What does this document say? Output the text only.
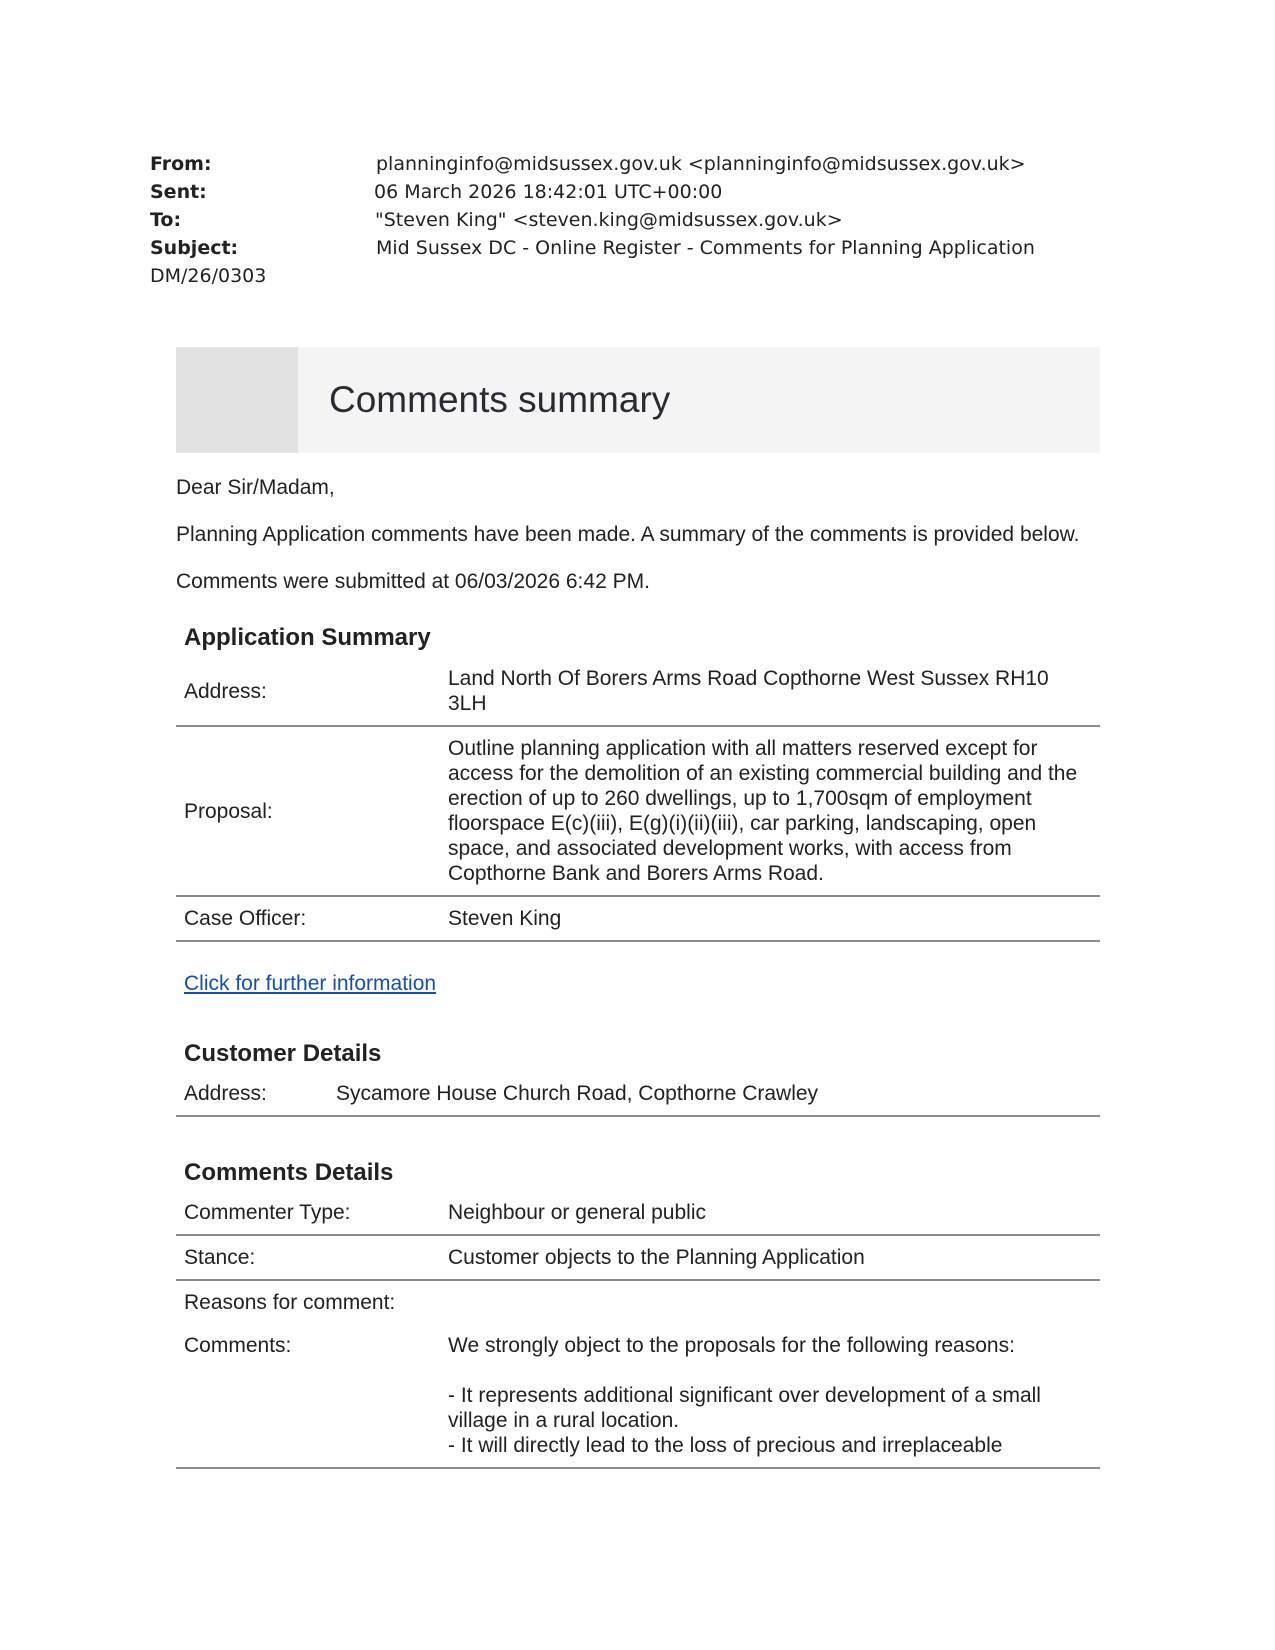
From:	planninginfo@midsussex.gov.uk <planninginfo@midsussex.gov.uk>
Sent:	06 March 2026 18:42:01 UTC+00:00
To:	"Steven King" <steven.king@midsussex.gov.uk>
Subject:	Mid Sussex DC - Online Register - Comments for Planning Application
DM/26/0303
Comments summary

Dear Sir/Madam,

Planning Application comments have been made. A summary of the comments is provided below.

Comments were submitted at 06/03/2026 6:42 PM.

Application Summary
Address:	Land North Of Borers Arms Road Copthorne West Sussex RH10 3LH
Proposal:	Outline planning application with all matters reserved except for access for the demolition of an existing commercial building and the erection of up to 260 dwellings, up to 1,700sqm of employment floorspace E(c)(iii), E(g)(i)(ii)(iii), car parking, landscaping, open space, and associated development works, with access from Copthorne Bank and Borers Arms Road.
Case Officer:	Steven King
Click for further information
Customer Details
Address:	Sycamore House Church Road, Copthorne Crawley
Comments Details
Commenter Type:	Neighbour or general public
Stance:	Customer objects to the Planning Application
Reasons for comment:	
Comments:	We strongly object to the proposals for the following reasons:

- It represents additional significant over development of a small village in a rural location.
- It will directly lead to the loss of precious and irreplaceable
